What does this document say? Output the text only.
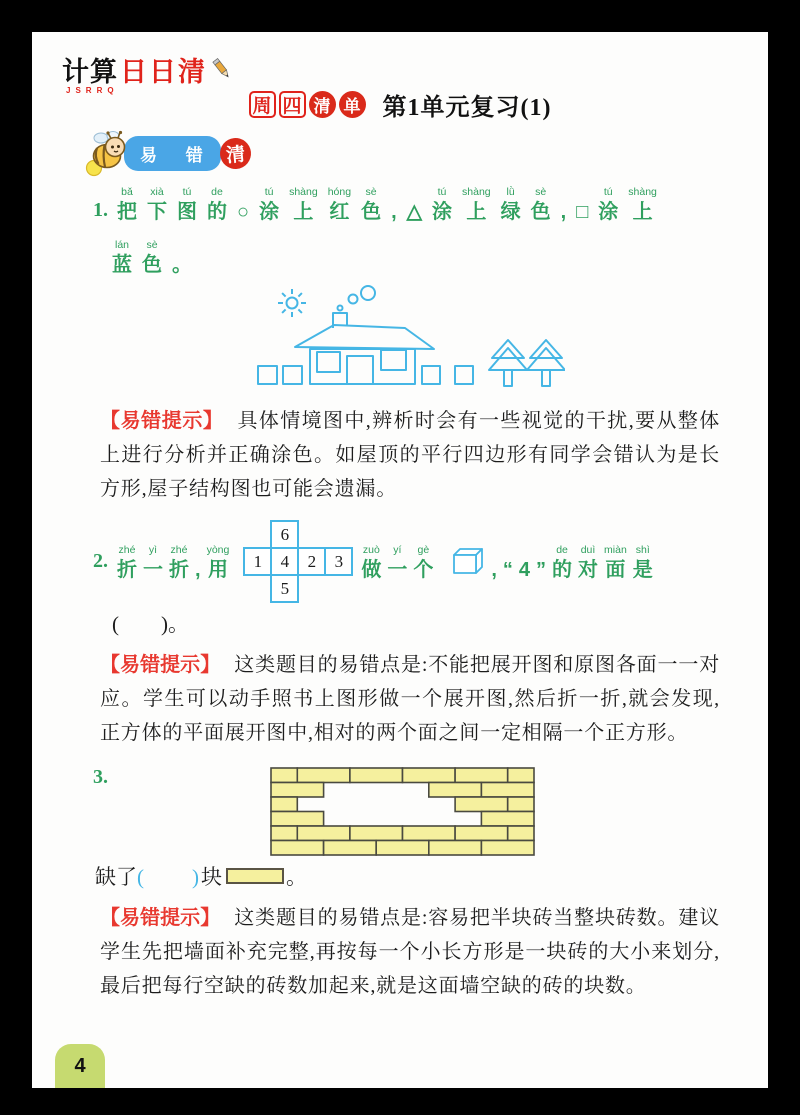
计算 日日清
JSRRQ
周 四 清 单 第1单元复习(1)
易 错 清
1.
bǎ
把
xià
下
tú
图
de
的
○
tú
涂
shàng
上
hóng
红
sè
色
,
△
tú
涂
shàng
上
lǜ
绿
sè
色
,
□
tú
涂
shàng
上
lán
蓝
sè
色
。

【易错提示】 具体情境图中,辨析时会有一些视觉的干扰,要从整体上进行分析并正确涂色。如屋顶的平行四边形有同学会错认为是长方形,屋子结构图也可能会遗漏。

2. zhé
折
yì
一
zhé
折
,
yòng
用
6
1	4	2	3
5
zuò
做
yí
一
gè
个
	,
“
4
”
de
的
duì
对
miàn
面
shì
是
(　　)。

【易错提示】 这类题目的易错点是:不能把展开图和原图各面一一对应。学生可以动手照书上图形做一个展开图,然后折一折,就会发现,正方体的平面展开图中,相对的两个面之间一定相隔一个正方形。

3.
缺了 (　　) 块	。

【易错提示】 这类题目的易错点是:容易把半块砖当整块砖数。建议学生先把墙面补充完整,再按每一个小长方形是一块砖的大小来划分,最后把每行空缺的砖数加起来,就是这面墙空缺的砖的块数。

4
